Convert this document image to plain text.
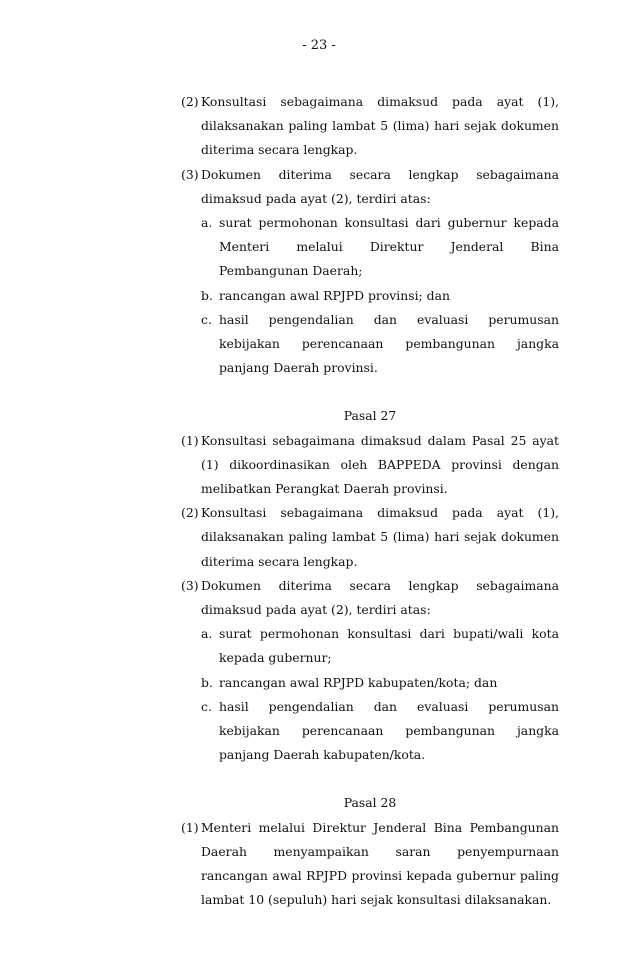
- 23 -
(2) Konsultasi sebagaimana dimaksud pada ayat (1), dilaksanakan paling lambat 5 (lima) hari sejak dokumen diterima secara lengkap.
(3) Dokumen diterima secara lengkap sebagaimana dimaksud pada ayat (2), terdiri atas:
a. surat permohonan konsultasi dari gubernur kepada Menteri melalui Direktur Jenderal Bina Pembangunan Daerah;
b. rancangan awal RPJPD provinsi; dan
c. hasil pengendalian dan evaluasi perumusan kebijakan perencanaan pembangunan jangka panjang Daerah provinsi.
Pasal 27
(1) Konsultasi sebagaimana dimaksud dalam Pasal 25 ayat (1) dikoordinasikan oleh BAPPEDA provinsi dengan melibatkan Perangkat Daerah provinsi.
(2) Konsultasi sebagaimana dimaksud pada ayat (1), dilaksanakan paling lambat 5 (lima) hari sejak dokumen diterima secara lengkap.
(3) Dokumen diterima secara lengkap sebagaimana dimaksud pada ayat (2), terdiri atas:
a. surat permohonan konsultasi dari bupati/wali kota kepada gubernur;
b. rancangan awal RPJPD kabupaten/kota; dan
c. hasil pengendalian dan evaluasi perumusan kebijakan perencanaan pembangunan jangka panjang Daerah kabupaten/kota.
Pasal 28
(1) Menteri melalui Direktur Jenderal Bina Pembangunan Daerah menyampaikan saran penyempurnaan rancangan awal RPJPD provinsi kepada gubernur paling lambat 10 (sepuluh) hari sejak konsultasi dilaksanakan.
